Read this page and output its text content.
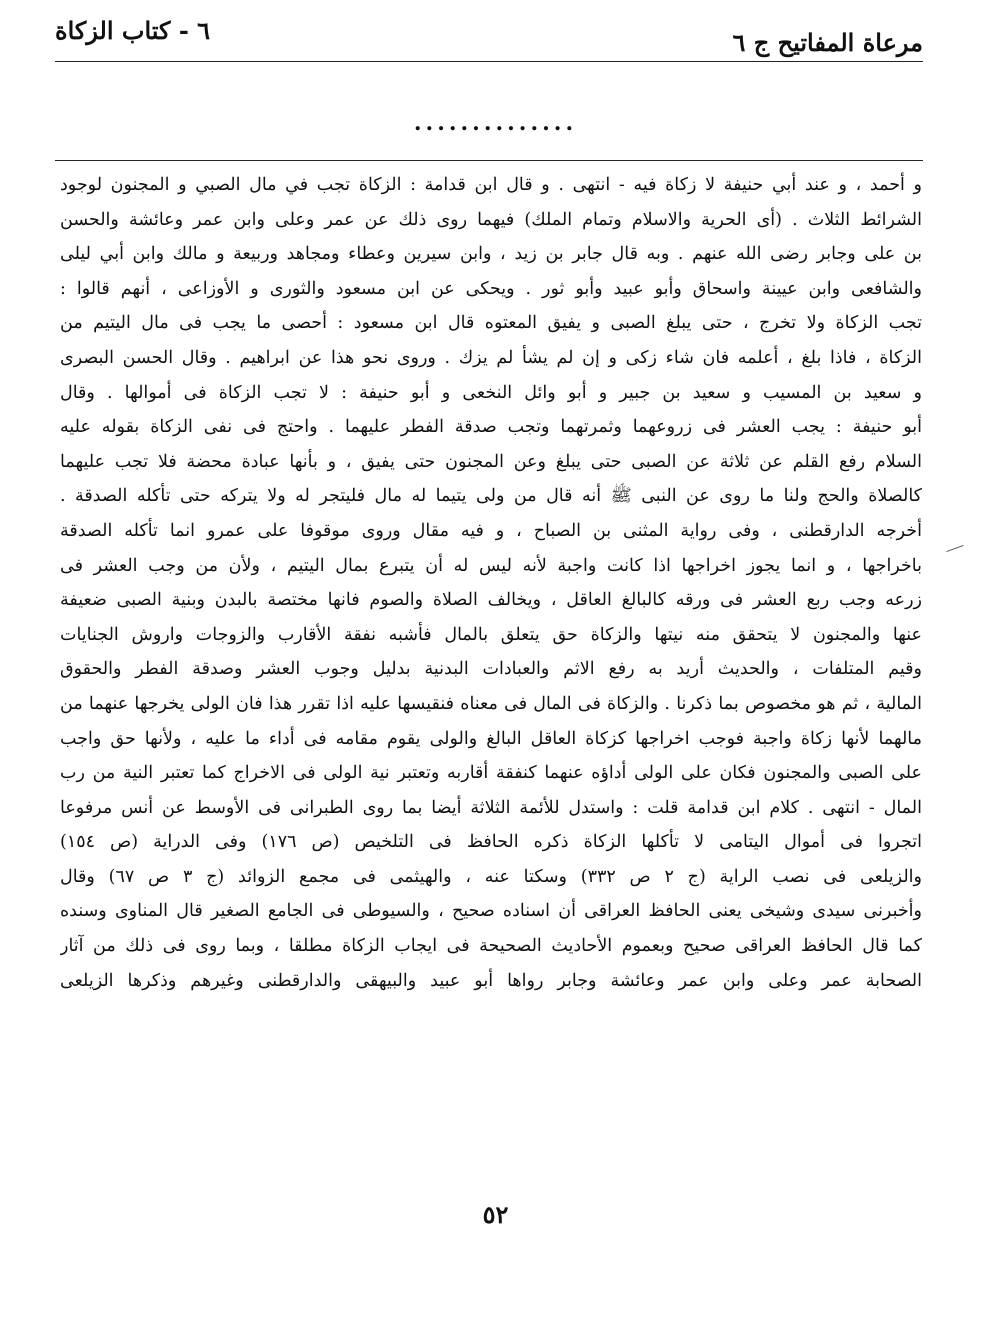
مرعاة المفاتيح ج ٦
٦ - كتاب الزكاة
..............
و أحمد ، و عند أبي حنيفة لا زكاة فيه - انتهى . و قال ابن قدامة : الزكاة تجب في مال الصبي و المجنون لوجود
الشرائط الثلاث . (أى الحرية والاسلام وتمام الملك) فيهما روى ذلك عن عمر وعلى وابن عمر وعائشة والحسن
بن على وجابر رضى الله عنهم . وبه قال جابر بن زيد ، وابن سيرين وعطاء ومجاهد وربيعة و مالك وابن أبي ليلى
والشافعى وابن عيينة واسحاق وأبو عبيد وأبو ثور . ويحكى عن ابن مسعود والثورى و الأوزاعى ، أنهم قالوا :
تجب الزكاة ولا تخرج ، حتى يبلغ الصبى و يفيق المعتوه قال ابن مسعود : أحصى ما يجب فى مال اليتيم من
الزكاة ، فاذا بلغ ، أعلمه فان شاء زكى و إن لم يشأ لم يزك . وروى نحو هذا عن ابراهيم . وقال الحسن البصرى
و سعيد بن المسيب و سعيد بن جبير و أبو وائل النخعى و أبو حنيفة : لا تجب الزكاة فى أموالها . وقال
أبو حنيفة : يجب العشر فى زروعهما وثمرتهما وتجب صدقة الفطر عليهما . واحتج فى نفى الزكاة بقوله عليه
السلام رفع القلم عن ثلاثة عن الصبى حتى يبلغ وعن المجنون حتى يفيق ، و بأنها عبادة محضة فلا تجب عليهما
كالصلاة والحج ولنا ما روى عن النبى ﷺ أنه قال من ولى يتيما له مال فليتجر له ولا يتركه حتى تأكله الصدقة .
أخرجه الدارقطنى ، وفى رواية المثنى بن الصباح ، و فيه مقال وروى موقوفا على عمرو انما تأكله الصدقة
باخراجها ، و انما يجوز اخراجها اذا كانت واجبة لأنه ليس له أن يتبرع بمال اليتيم ، ولأن من وجب العشر فى
زرعه وجب ربع العشر فى ورقه كالبالغ العاقل ، ويخالف الصلاة والصوم فانها مختصة بالبدن وبنية الصبى ضعيفة
عنها والمجنون لا يتحقق منه نيتها والزكاة حق يتعلق بالمال فأشبه نفقة الأقارب والزوجات واروش الجنايات
وقيم المتلفات ، والحديث أريد به رفع الاثم والعبادات البدنية بدليل وجوب العشر وصدقة الفطر والحقوق
المالية ، ثم هو مخصوص بما ذكرنا . والزكاة فى المال فى معناه فنقيسها عليه اذا تقرر هذا فان الولى يخرجها عنهما من
مالهما لأنها زكاة واجبة فوجب اخراجها كزكاة العاقل البالغ والولى يقوم مقامه فى أداء ما عليه ، ولأنها حق واجب
على الصبى والمجنون فكان على الولى أداؤه عنهما كنفقة أقاربه وتعتبر نية الولى فى الاخراج كما تعتبر النية من رب
المال - انتهى . كلام ابن قدامة قلت : واستدل للأئمة الثلاثة أيضا بما روى الطبرانى فى الأوسط عن أنس مرفوعا
اتجروا فى أموال اليتامى لا تأكلها الزكاة ذكره الحافظ فى التلخيص (ص ١٧٦) وفى الدراية (ص ١٥٤)
والزيلعى فى نصب الراية (ج ٢ ص ٣٣٢) وسكتا عنه ، والهيثمى فى مجمع الزوائد (ج ٣ ص ٦٧) وقال
وأخبرنى سيدى وشيخى يعنى الحافظ العراقى أن اسناده صحيح ، والسيوطى فى الجامع الصغير قال المناوى وسنده
كما قال الحافظ العراقى صحيح وبعموم الأحاديث الصحيحة فى ايجاب الزكاة مطلقا ، وبما روى فى ذلك من آثار
الصحابة عمر وعلى وابن عمر وعائشة وجابر رواها أبو عبيد والبيهقى والدارقطنى وغيرهم وذكرها الزيلعى
٥٢
